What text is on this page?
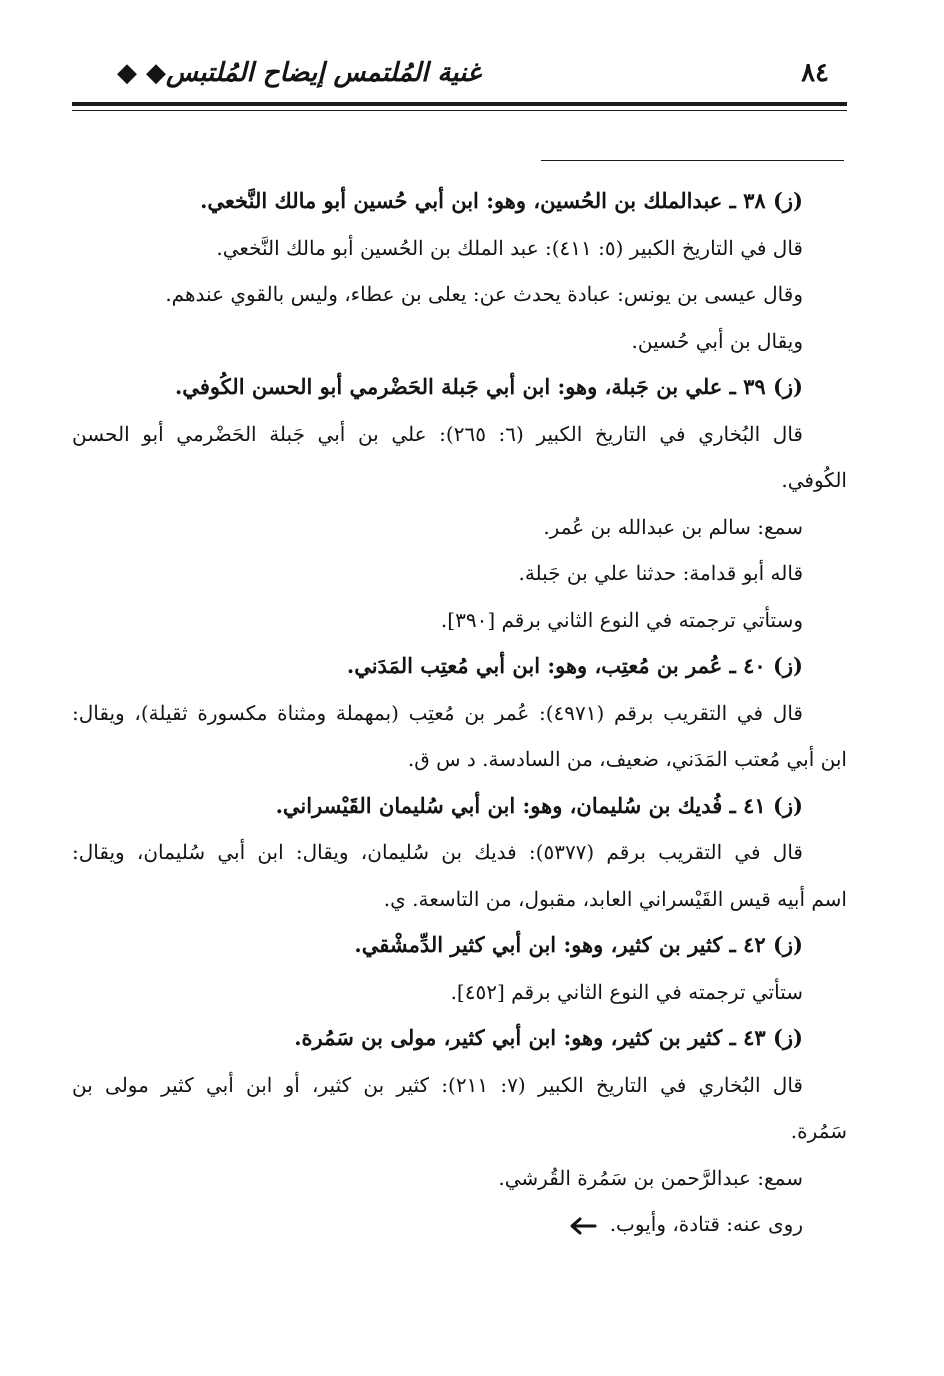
٨٤
غنية المُلتمس إيضاح المُلتبس◆ ◆
(ز) ٣٨ ـ عبدالملك بن الحُسين، وهو: ابن أبي حُسين أبو مالك النَّخعي.
قال في التاريخ الكبير (٥: ٤١١): عبد الملك بن الحُسين أبو مالك النَّخعي.
وقال عيسى بن يونس: عبادة يحدث عن: يعلى بن عطاء، وليس بالقوي عندهم.
ويقال بن أبي حُسين.
(ز) ٣٩ ـ علي بن جَبلة، وهو: ابن أبي جَبلة الحَضْرمي أبو الحسن الكُوفي.
قال البُخاري في التاريخ الكبير (٦: ٢٦٥): علي بن أبي جَبلة الحَضْرمي أبو الحسن
الكُوفي.
سمع: سالم بن عبدالله بن عُمر.
قاله أبو قدامة: حدثنا علي بن جَبلة.
وستأتي ترجمته في النوع الثاني برقم [٣٩٠].
(ز) ٤٠ ـ عُمر بن مُعتِب، وهو: ابن أبي مُعتِب المَدَني.
قال في التقريب برقم (٤٩٧١): عُمر بن مُعتِب (بمهملة ومثناة مكسورة ثقيلة)، ويقال:
ابن أبي مُعتب المَدَني، ضعيف، من السادسة. د س ق.
(ز) ٤١ ـ فُديك بن سُليمان، وهو: ابن أبي سُليمان القَيْسراني.
قال في التقريب برقم (٥٣٧٧): فديك بن سُليمان، ويقال: ابن أبي سُليمان، ويقال:
اسم أبيه قيس القَيْسراني العابد، مقبول، من التاسعة. ي.
(ز) ٤٢ ـ كثير بن كثير، وهو: ابن أبي كثير الدِّمشْقي.
ستأتي ترجمته في النوع الثاني برقم [٤٥٢].
(ز) ٤٣ ـ كثير بن كثير، وهو: ابن أبي كثير، مولى بن سَمُرة.
قال البُخاري في التاريخ الكبير (٧: ٢١١): كثير بن كثير، أو ابن أبي كثير مولى بن
سَمُرة.
سمع: عبدالرَّحمن بن سَمُرة القُرشي.
روى عنه: قتادة، وأيوب.
